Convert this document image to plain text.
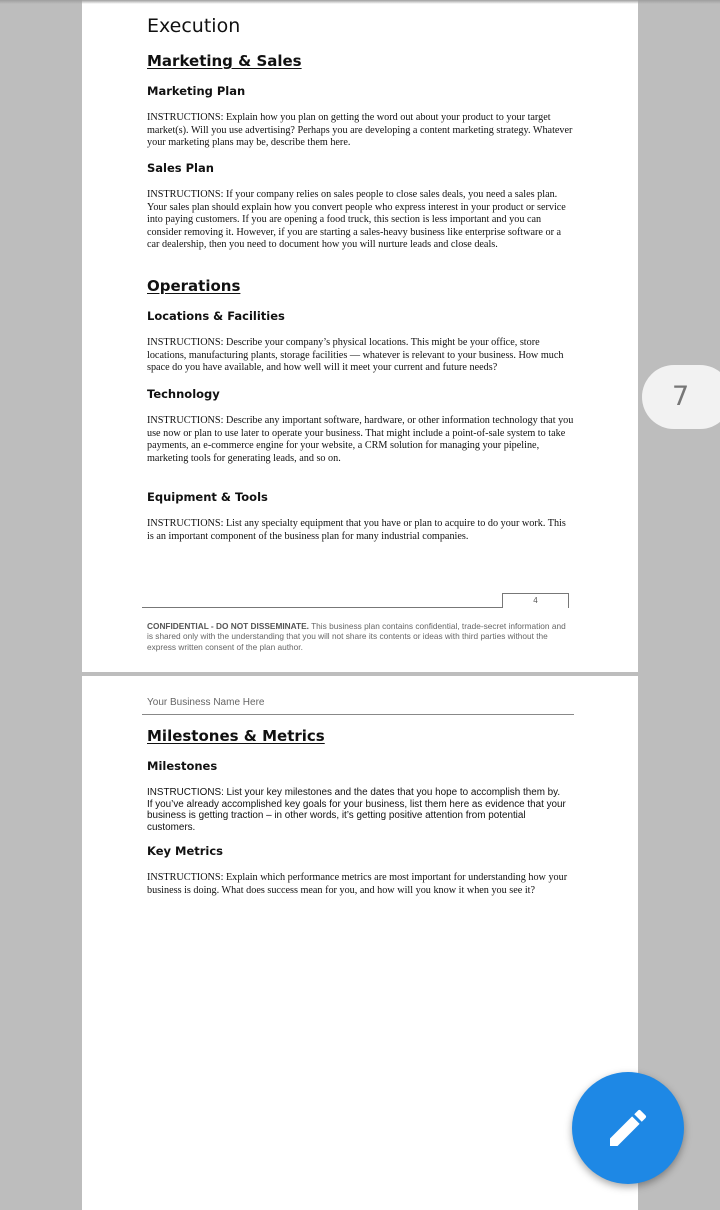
Execution
Marketing & Sales
Marketing Plan

INSTRUCTIONS: Explain how you plan on getting the word out about your product to your target market(s). Will you use advertising? Perhaps you are developing a content marketing strategy. Whatever your marketing plans may be, describe them here.

Sales Plan

INSTRUCTIONS: If your company relies on sales people to close sales deals, you need a sales plan. Your sales plan should explain how you convert people who express interest in your product or service into paying customers. If you are opening a food truck, this section is less important and you can consider removing it. However, if you are starting a sales-heavy business like enterprise software or a car dealership, then you need to document how you will nurture leads and close deals.

Operations
Locations & Facilities

INSTRUCTIONS: Describe your company’s physical locations. This might be your office, store locations, manufacturing plants, storage facilities — whatever is relevant to your business. How much space do you have available, and how well will it meet your current and future needs?

Technology

INSTRUCTIONS: Describe any important software, hardware, or other information technology that you use now or plan to use later to operate your business. That might include a point-of-sale system to take payments, an e-commerce engine for your website, a CRM solution for managing your pipeline, marketing tools for generating leads, and so on.

Equipment & Tools

INSTRUCTIONS: List any specialty equipment that you have or plan to acquire to do your work. This is an important component of the business plan for many industrial companies.

4
CONFIDENTIAL - DO NOT DISSEMINATE. This business plan contains confidential, trade-secret information and is shared only with the understanding that you will not share its contents or ideas with third parties without the express written consent of the plan author.
Your Business Name Here
Milestones & Metrics
Milestones

INSTRUCTIONS: List your key milestones and the dates that you hope to accomplish them by. If you’ve already accomplished key goals for your business, list them here as evidence that your business is getting traction – in other words, it’s getting positive attention from potential customers.

Key Metrics

INSTRUCTIONS: Explain which performance metrics are most important for understanding how your business is doing. What does success mean for you, and how will you know it when you see it?

7
